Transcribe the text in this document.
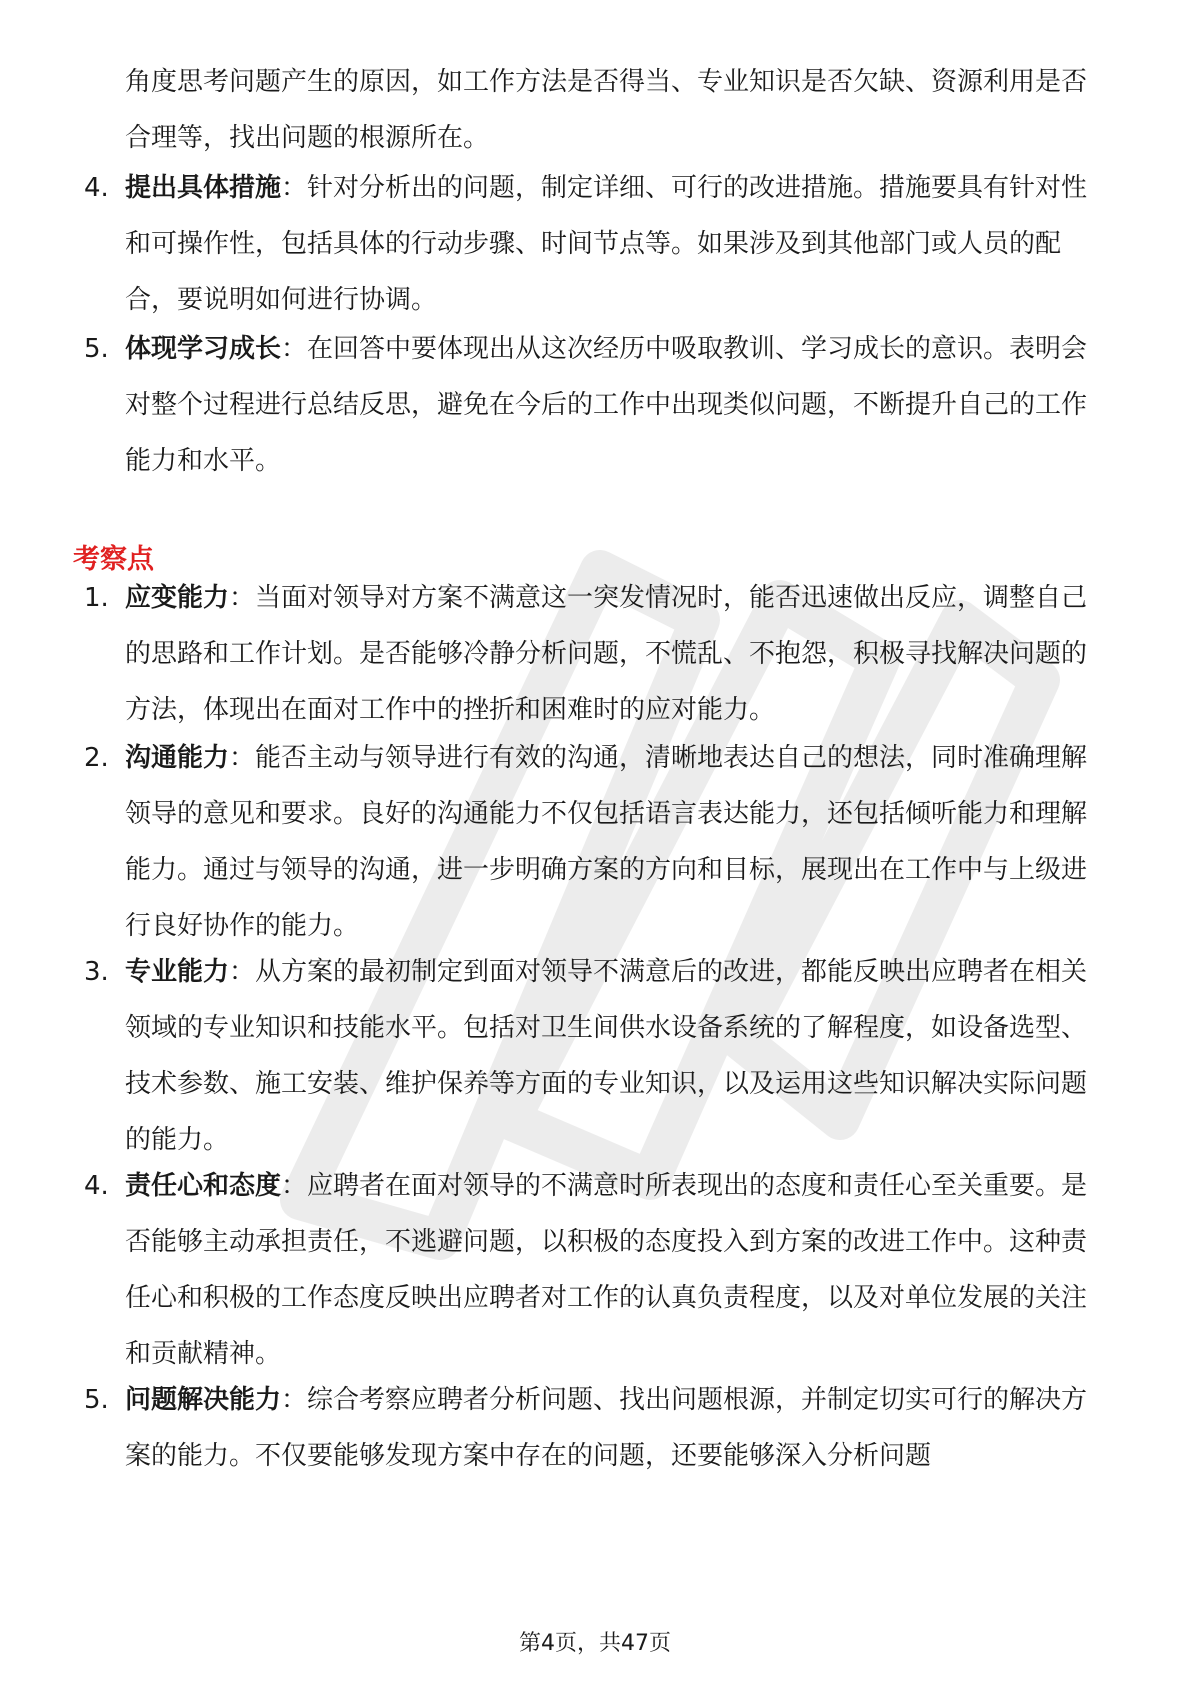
角度思考问题产生的原因，如工作方法是否得当、专业知识是否欠缺、资源利用是否合理等，找出问题的根源所在。

4. 提出具体措施：针对分析出的问题，制定详细、可行的改进措施。措施要具有针对性和可操作性，包括具体的行动步骤、时间节点等。如果涉及到其他部门或人员的配合，要说明如何进行协调。
5. 体现学习成长：在回答中要体现出从这次经历中吸取教训、学习成长的意识。表明会对整个过程进行总结反思，避免在今后的工作中出现类似问题，不断提升自己的工作能力和水平。
考察点
1. 应变能力：当面对领导对方案不满意这一突发情况时，能否迅速做出反应，调整自己的思路和工作计划。是否能够冷静分析问题，不慌乱、不抱怨，积极寻找解决问题的方法，体现出在面对工作中的挫折和困难时的应对能力。
2. 沟通能力：能否主动与领导进行有效的沟通，清晰地表达自己的想法，同时准确理解领导的意见和要求。良好的沟通能力不仅包括语言表达能力，还包括倾听能力和理解能力。通过与领导的沟通，进一步明确方案的方向和目标，展现出在工作中与上级进行良好协作的能力。
3. 专业能力：从方案的最初制定到面对领导不满意后的改进，都能反映出应聘者在相关领域的专业知识和技能水平。包括对卫生间供水设备系统的了解程度，如设备选型、技术参数、施工安装、维护保养等方面的专业知识，以及运用这些知识解决实际问题的能力。
4. 责任心和态度：应聘者在面对领导的不满意时所表现出的态度和责任心至关重要。是否能够主动承担责任，不逃避问题，以积极的态度投入到方案的改进工作中。这种责任心和积极的工作态度反映出应聘者对工作的认真负责程度，以及对单位发展的关注和贡献精神。
5. 问题解决能力：综合考察应聘者分析问题、找出问题根源，并制定切实可行的解决方案的能力。不仅要能够发现方案中存在的问题，还要能够深入分析问题
第4页，共47页
